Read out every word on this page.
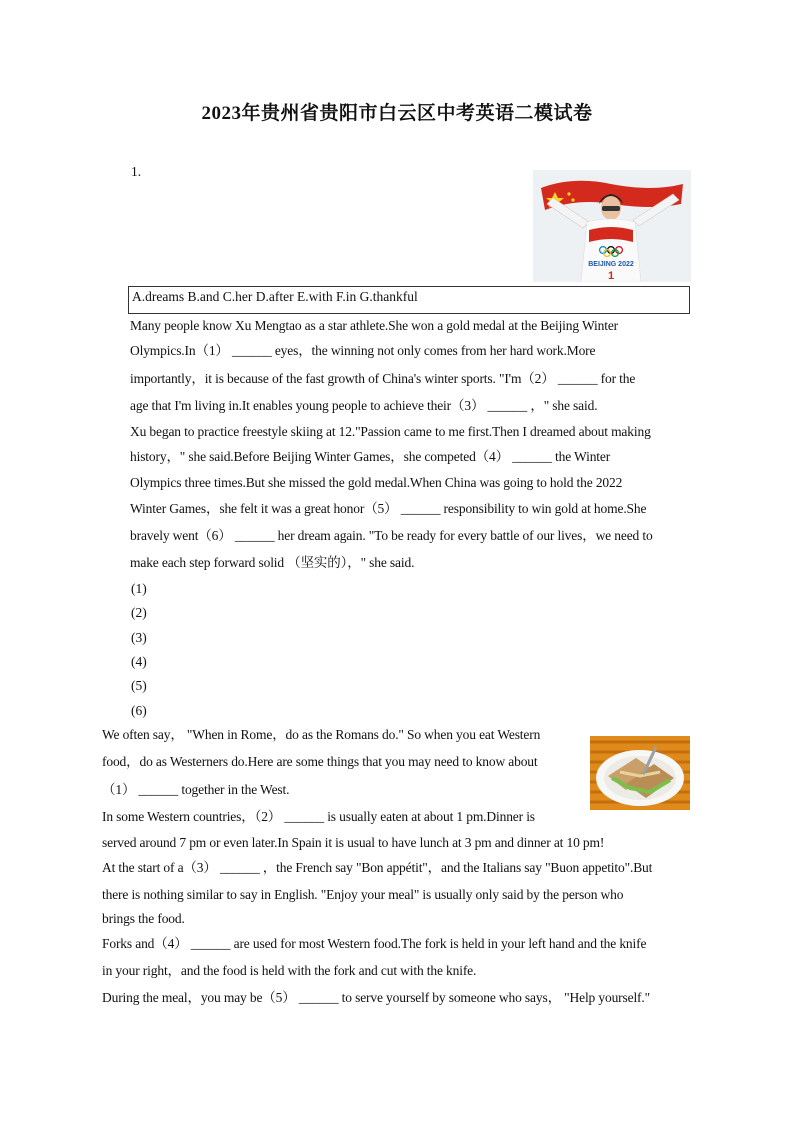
2023年贵州省贵阳市白云区中考英语二模试卷
1.
BEIJING 2022
1
A.dreams B.and C.her D.after E.with F.in G.thankful
Many people know Xu Mengtao as a star athlete.She won a gold medal at the Beijing Winter
Olympics.In（1） ______ eyes，the winning not only comes from her hard work.More
importantly，it is because of the fast growth of China's winter sports. "I'm（2） ______ for the
age that I'm living in.It enables young people to achieve their（3） ______ ，" she said.
Xu began to practice freestyle skiing at 12."Passion came to me first.Then I dreamed about making
history，" she said.Before Beijing Winter Games，she competed（4） ______ the Winter
Olympics three times.But she missed the gold medal.When China was going to hold the 2022
Winter Games，she felt it was a great honor（5） ______ responsibility to win gold at home.She
bravely went（6） ______ her dream again. "To be ready for every battle of our lives，we need to
make each step forward solid （坚实的），" she said.
(1)
(2)
(3)
(4)
(5)
(6)
We often say， "When in Rome，do as the Romans do." So when you eat Western
food，do as Westerners do.Here are some things that you may need to know about
（1） ______ together in the West.
In some Western countries，（2） ______ is usually eaten at about 1 pm.Dinner is
served around 7 pm or even later.In Spain it is usual to have lunch at 3 pm and dinner at 10 pm!
At the start of a（3） ______ ，the French say "Bon appétit"，and the Italians say "Buon appetito".But
there is nothing similar to say in English. "Enjoy your meal" is usually only said by the person who
brings the food.
Forks and（4） ______ are used for most Western food.The fork is held in your left hand and the knife
in your right，and the food is held with the fork and cut with the knife.
During the meal，you may be（5） ______ to serve yourself by someone who says， "Help yourself."
